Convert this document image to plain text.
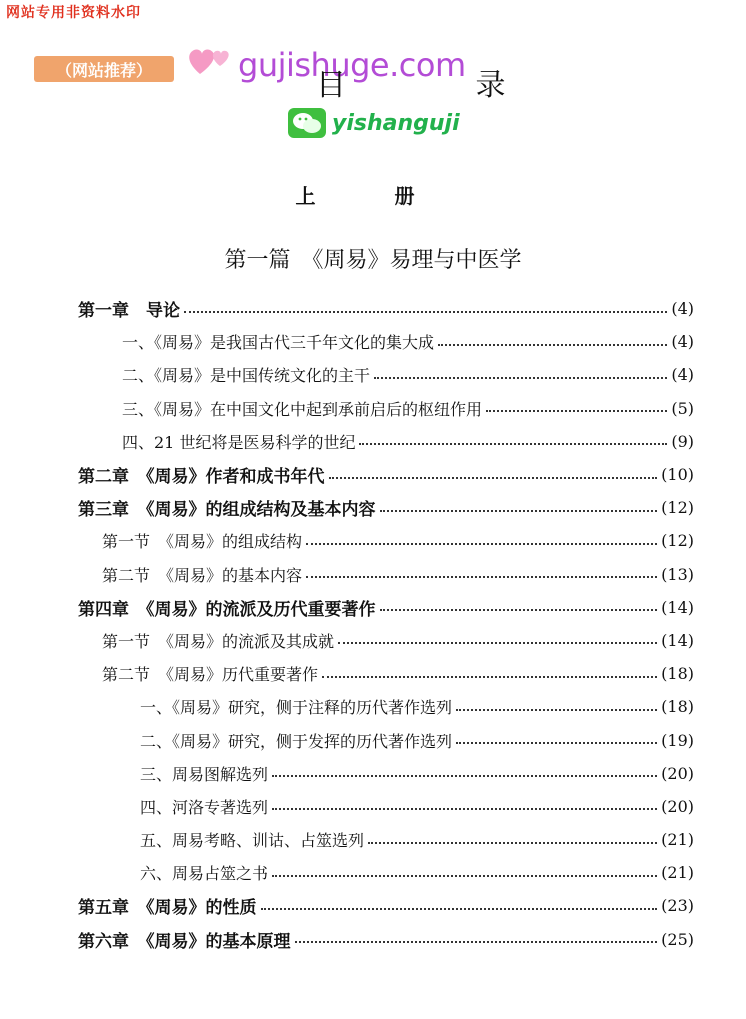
网站专用非资料水印
（网站推荐）	gujishuge.com
目 录
yishanguji
上 册
第一篇　《周易》易理与中医学
第一章　导论	(4)
一、《周易》是我国古代三千年文化的集大成	(4)
二、《周易》是中国传统文化的主干	(4)
三、《周易》在中国文化中起到承前启后的枢纽作用	(5)
四、21 世纪将是医易科学的世纪	(9)
第二章　《周易》作者和成书年代	(10)
第三章　《周易》的组成结构及基本内容	(12)
第一节　《周易》的组成结构	(12)
第二节　《周易》的基本内容	(13)
第四章　《周易》的流派及历代重要著作	(14)
第一节　《周易》的流派及其成就	(14)
第二节　《周易》历代重要著作	(18)
一、《周易》研究，侧于注释的历代著作选列	(18)
二、《周易》研究，侧于发挥的历代著作选列	(19)
三、周易图解选列	(20)
四、河洛专著选列	(20)
五、周易考略、训诂、占筮选列	(21)
六、周易占筮之书	(21)
第五章　《周易》的性质	(23)
第六章　《周易》的基本原理	(25)
